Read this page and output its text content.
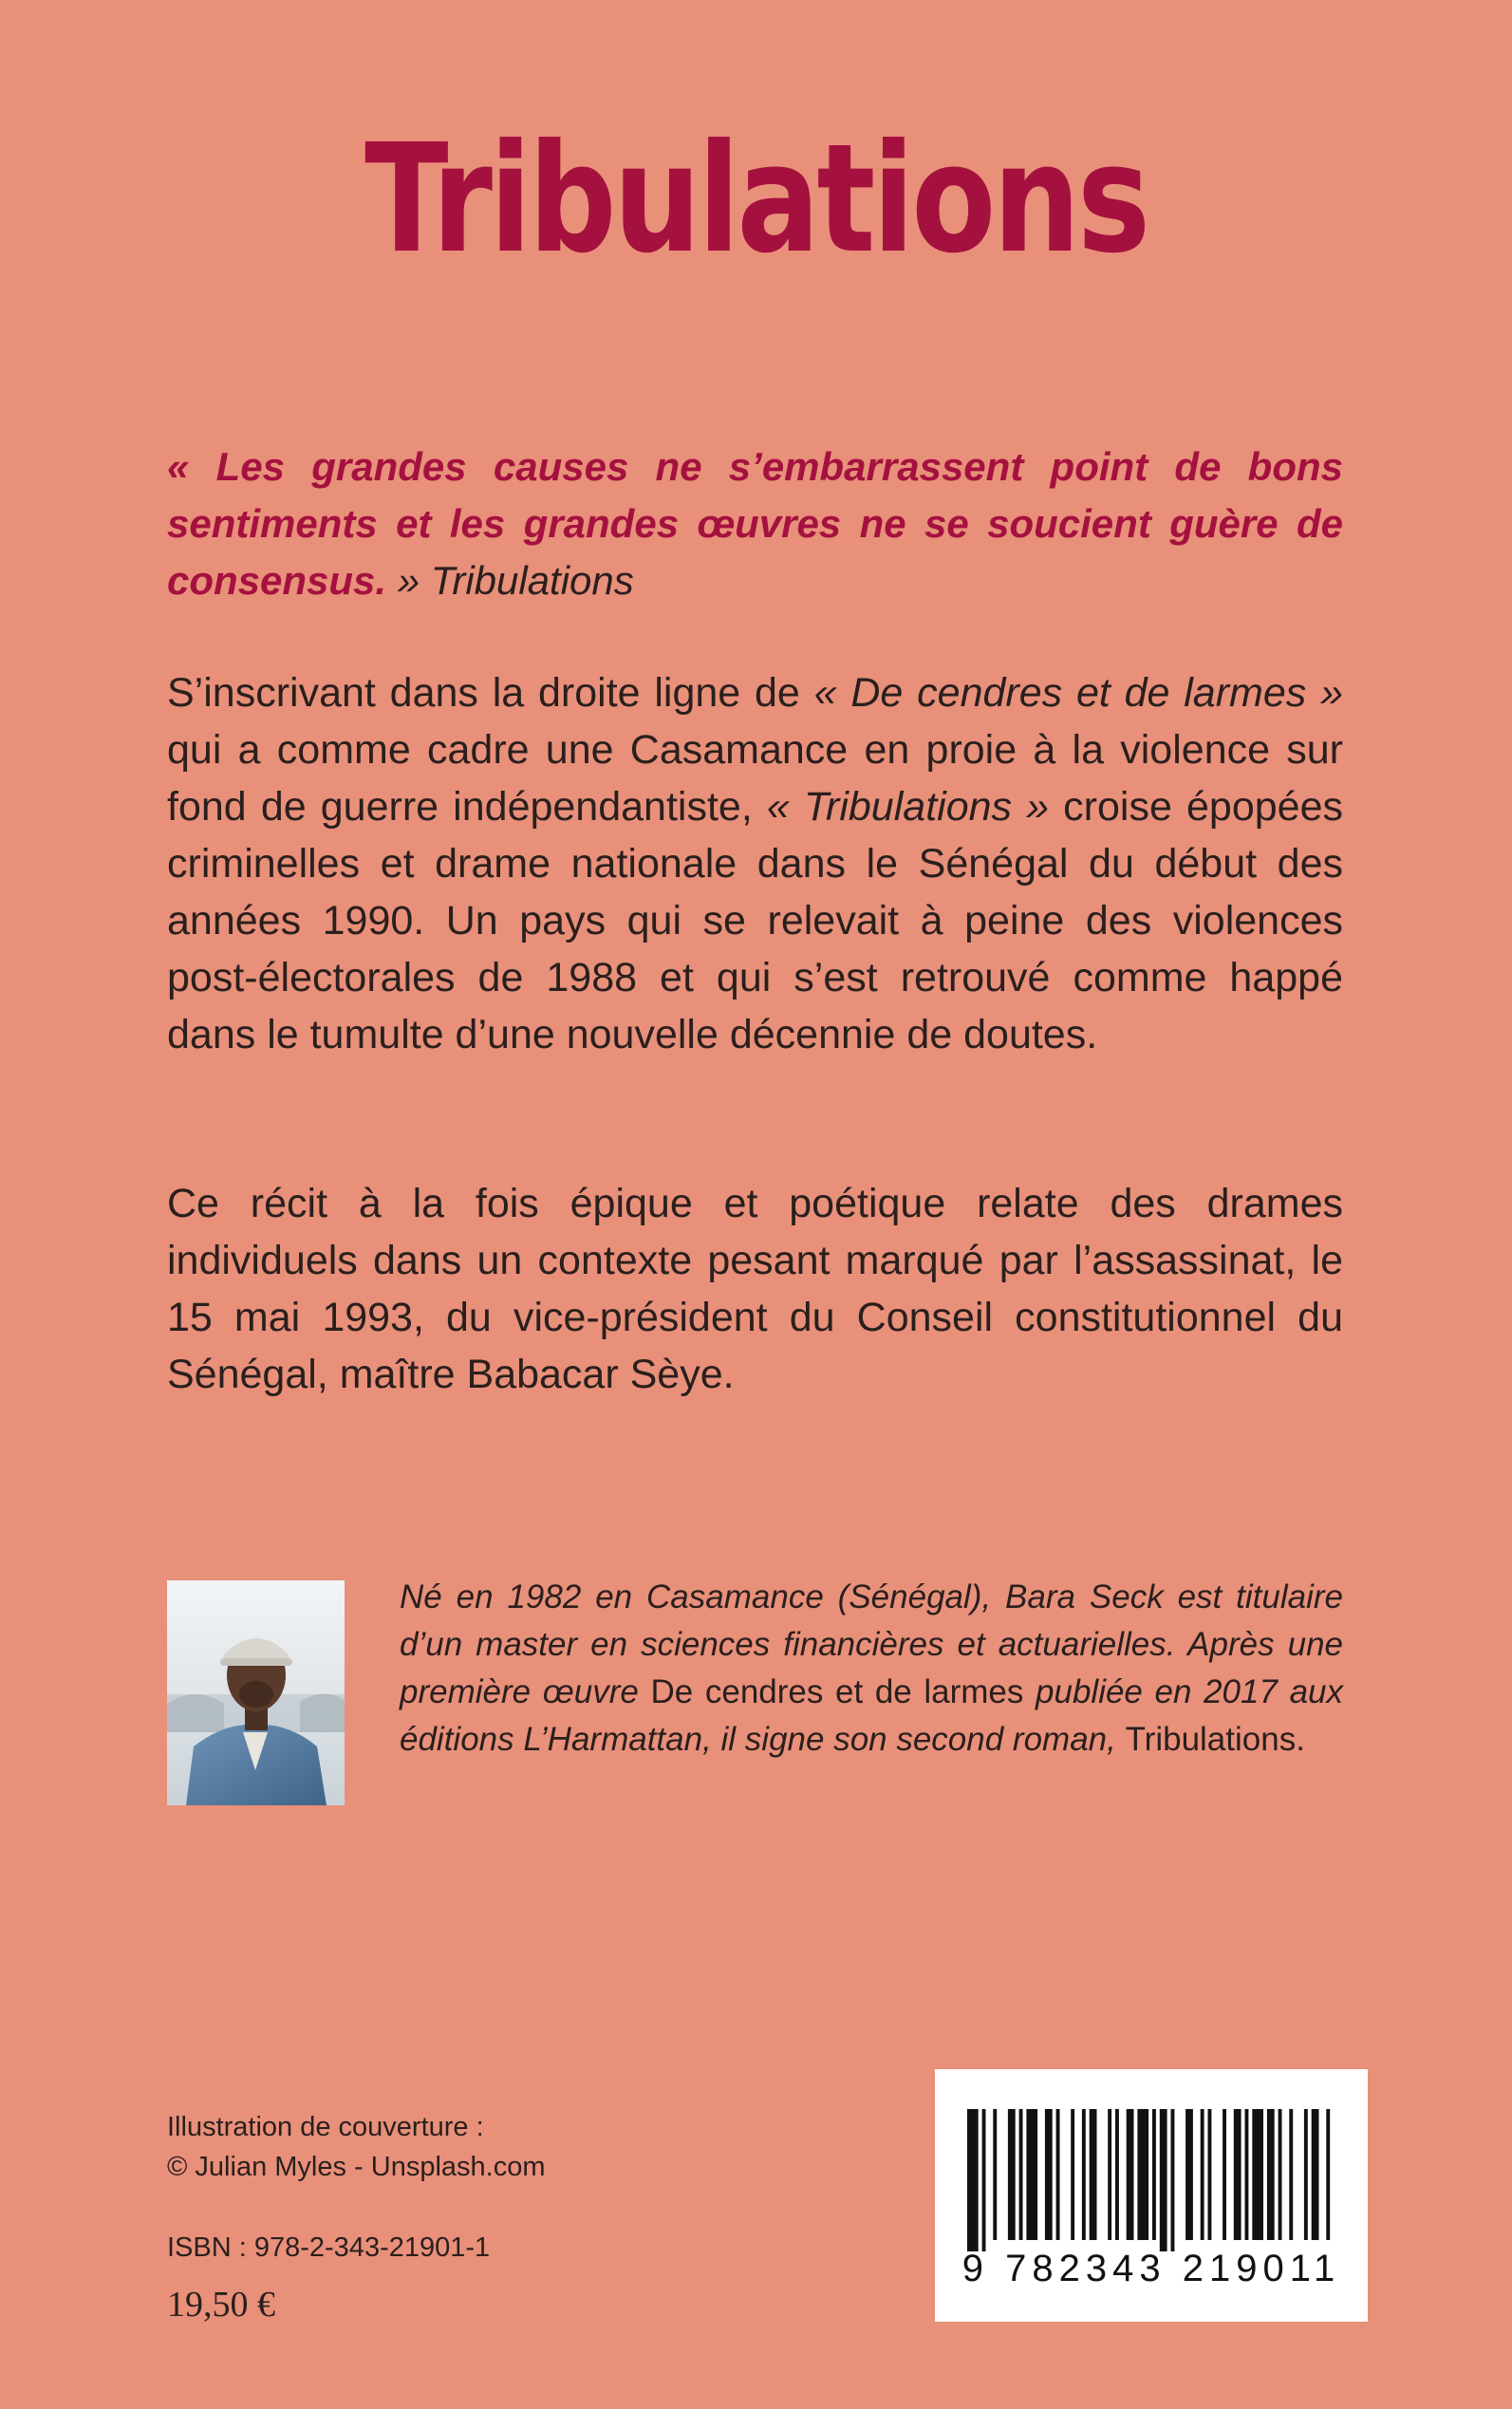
Tribulations
« Les grandes causes ne s’embarrassent point de bons sentiments et les grandes œuvres ne se soucient guère de consensus. » Tribulations
S’inscrivant dans la droite ligne de « De cendres et de larmes » qui a comme cadre une Casamance en proie à la violence sur fond de guerre indépendantiste, « Tribulations » croise épopées criminelles et drame nationale dans le Sénégal du début des années 1990. Un pays qui se relevait à peine des violences post-électorales de 1988 et qui s’est retrouvé comme happé dans le tumulte d’une nouvelle décennie de doutes.
Ce récit à la fois épique et poétique relate des drames individuels dans un contexte pesant marqué par l’assassinat, le 15 mai 1993, du vice-président du Conseil constitutionnel du Sénégal, maître Babacar Sèye.
Né en 1982 en Casamance (Sénégal), Bara Seck est titulaire d’un master en sciences financières et actuarielles. Après une première œuvre De cendres et de larmes publiée en 2017 aux éditions L’Harmattan, il signe son second roman, Tribulations.
Illustration de couverture :
© Julian Myles - Unsplash.com
ISBN : 978-2-343-21901-1
19,50 €
9 782343 219011
